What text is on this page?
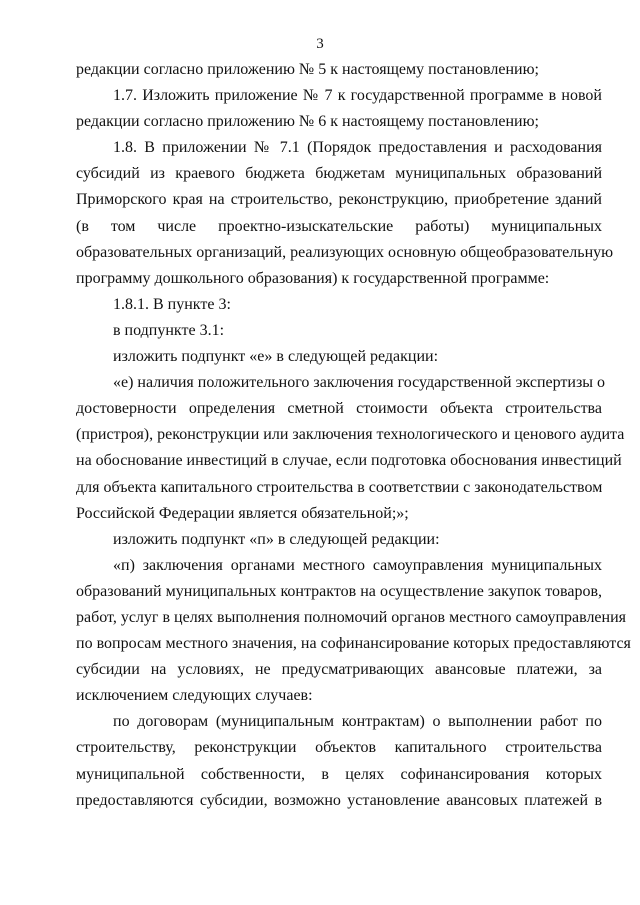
3
редакции согласно приложению № 5 к настоящему постановлению;
1.7. Изложить приложение № 7 к государственной программе в новой
редакции согласно приложению № 6 к настоящему постановлению;
1.8. В приложении № 7.1 (Порядок предоставления и расходования
субсидий из краевого бюджета бюджетам муниципальных образований
Приморского края на строительство, реконструкцию, приобретение зданий
(в том числе проектно-изыскательские работы) муниципальных
образовательных организаций, реализующих основную общеобразовательную
программу дошкольного образования) к государственной программе:
1.8.1. В пункте 3:
в подпункте 3.1:
изложить подпункт «е» в следующей редакции:
«е) наличия положительного заключения государственной экспертизы о
достоверности определения сметной стоимости объекта строительства
(пристроя), реконструкции или заключения технологического и ценового аудита
на обоснование инвестиций в случае, если подготовка обоснования инвестиций
для объекта капитального строительства в соответствии с законодательством
Российской Федерации является обязательной;»;
изложить подпункт «п» в следующей редакции:
«п) заключения органами местного самоуправления муниципальных
образований муниципальных контрактов на осуществление закупок товаров,
работ, услуг в целях выполнения полномочий органов местного самоуправления
по вопросам местного значения, на софинансирование которых предоставляются
субсидии на условиях, не предусматривающих авансовые платежи, за
исключением следующих случаев:
по договорам (муниципальным контрактам) о выполнении работ по
строительству, реконструкции объектов капитального строительства
муниципальной собственности, в целях софинансирования которых
предоставляются субсидии, возможно установление авансовых платежей в
